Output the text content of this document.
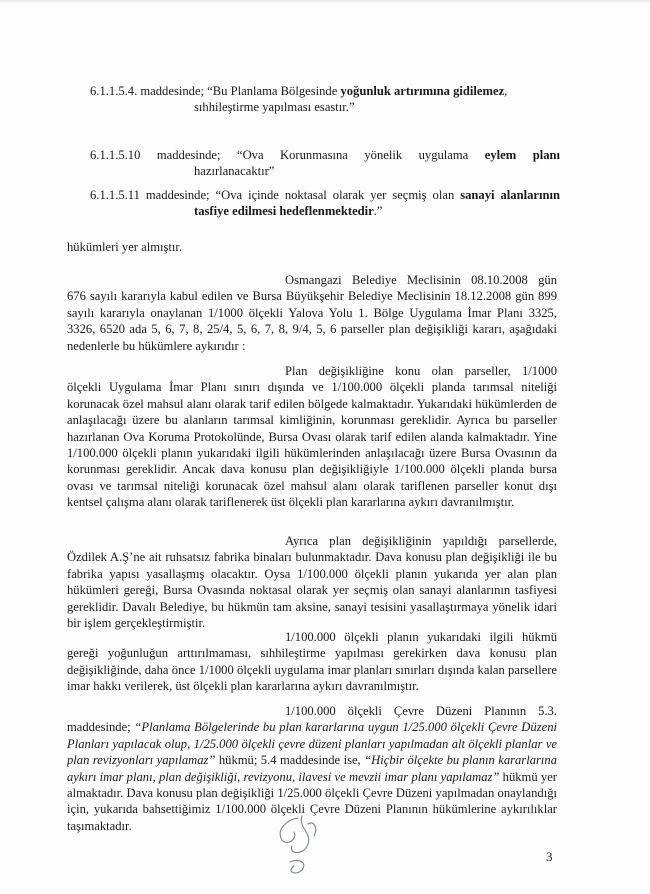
6.1.1.5.4. maddesinde; “Bu Planlama Bölgesinde yoğunluk artırımına gidilemez,
sıhhileştirme yapılması esastır.”
6.1.1.5.10 maddesinde; “Ova Korunmasına yönelik uygulama eylem planı
hazırlanacaktır”
6.1.1.5.11 maddesinde; “Ova içinde noktasal olarak yer seçmiş olan sanayi alanlarının
tasfiye edilmesi hedeflenmektedir.”
hükümleri yer almıştır.
Osmangazi Belediye Meclisinin 08.10.2008 gün
676 sayılı kararıyla kabul edilen ve Bursa Büyükşehir Belediye Meclisinin 18.12.2008 gün 899 sayılı kararıyla onaylanan 1/1000 ölçekli Yalova Yolu 1. Bölge Uygulama İmar Planı 3325, 3326, 6520 ada 5, 6, 7, 8, 25/4, 5, 6, 7, 8, 9/4, 5, 6 parseller plan değişikliği kararı, aşağıdaki nedenlerle bu hükümlere aykırıdır :
Plan değişikliğine konu olan parseller, 1/1000
ölçekli Uygulama İmar Planı sınırı dışında ve 1/100.000 ölçekli planda tarımsal niteliği korunacak özel mahsul alanı olarak tarif edilen bölgede kalmaktadır. Yukarıdaki hükümlerden de anlaşılacağı üzere bu alanların tarımsal kimliğinin, korunması gereklidir. Ayrıca bu parseller hazırlanan Ova Koruma Protokolünde, Bursa Ovası olarak tarif edilen alanda kalmaktadır. Yine 1/100.000 ölçekli planın yukarıdaki ilgili hükümlerinden anlaşılacağı üzere Bursa Ovasının da korunması gereklidir. Ancak dava konusu plan değişikliğiyle 1/100.000 ölçekli planda bursa ovası ve tarımsal niteliği korunacak özel mahsul alanı olarak tariflenen parseller konut dışı kentsel çalışma alanı olarak tariflenerek üst ölçekli plan kararlarına aykırı davranılmıştır.
Ayrıca plan değişikliğinin yapıldığı parsellerde,
Özdilek A.Ş’ne ait ruhsatsız fabrika binaları bulunmaktadır. Dava konusu plan değişikliği ile bu fabrika yapısı yasallaşmış olacaktır. Oysa 1/100.000 ölçekli planın yukarıda yer alan plan hükümleri gereği, Bursa Ovasında noktasal olarak yer seçmiş olan sanayi alanlarının tasfiyesi gereklidir. Davalı Belediye, bu hükmün tam aksine, sanayi tesisini yasallaştırmaya yönelik idari bir işlem gerçekleştirmiştir.
1/100.000 ölçekli planın yukarıdaki ilgili hükmü
gereği yoğunluğun arttırılmaması, sıhhileştirme yapılması gerekirken dava konusu plan değişikliğinde, daha önce 1/1000 ölçekli uygulama imar planları sınırları dışında kalan parsellere imar hakkı verilerek, üst ölçekli plan kararlarına aykırı davranılmıştır.
1/100.000 ölçekli Çevre Düzeni Planının 5.3.
maddesinde; “Planlama Bölgelerinde bu plan kararlarına uygun 1/25.000 ölçekli Çevre Düzeni Planları yapılacak olup, 1/25.000 ölçekli çevre düzeni planları yapılmadan alt ölçekli planlar ve plan revizyonları yapılamaz” hükmü; 5.4 maddesinde ise, “Hiçbir ölçekte bu planın kararlarına aykırı imar planı, plan değişikliği, revizyonu, ilavesi ve mevzii imar planı yapılamaz” hükmü yer almaktadır. Dava konusu plan değişikliği 1/25.000 ölçekli Çevre Düzeni yapılmadan onaylandığı için, yukarıda bahsettiğimiz 1/100.000 ölçekli Çevre Düzeni Planının hükümlerine aykırılıklar taşımaktadır.
3
